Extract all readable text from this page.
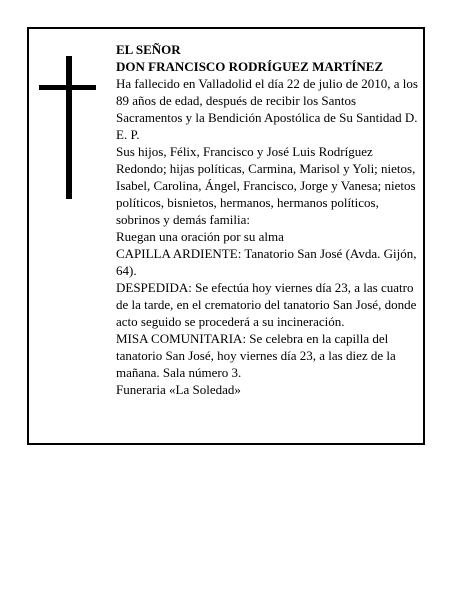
EL SEÑOR

DON FRANCISCO RODRÍGUEZ MARTÍNEZ

Ha fallecido en Valladolid el día 22 de julio de 2010, a los 89 años de edad, después de recibir los Santos Sacramentos y la Bendición Apostólica de Su Santidad D. E. P.

Sus hijos, Félix, Francisco y José Luis Rodríguez Redondo; hijas políticas, Carmina, Marisol y Yoli; nietos, Isabel, Carolina, Ángel, Francisco, Jorge y Vanesa; nietos políticos, bisnietos, hermanos, hermanos políticos, sobrinos y demás familia:

Ruegan una oración por su alma

CAPILLA ARDIENTE: Tanatorio San José (Avda. Gijón, 64).

DESPEDIDA: Se efectúa hoy viernes día 23, a las cuatro de la tarde, en el crematorio del tanatorio San José, donde acto seguido se procederá a su incineración.

MISA COMUNITARIA: Se celebra en la capilla del tanatorio San José, hoy viernes día 23, a las diez de la mañana. Sala número 3.

Funeraria «La Soledad»
